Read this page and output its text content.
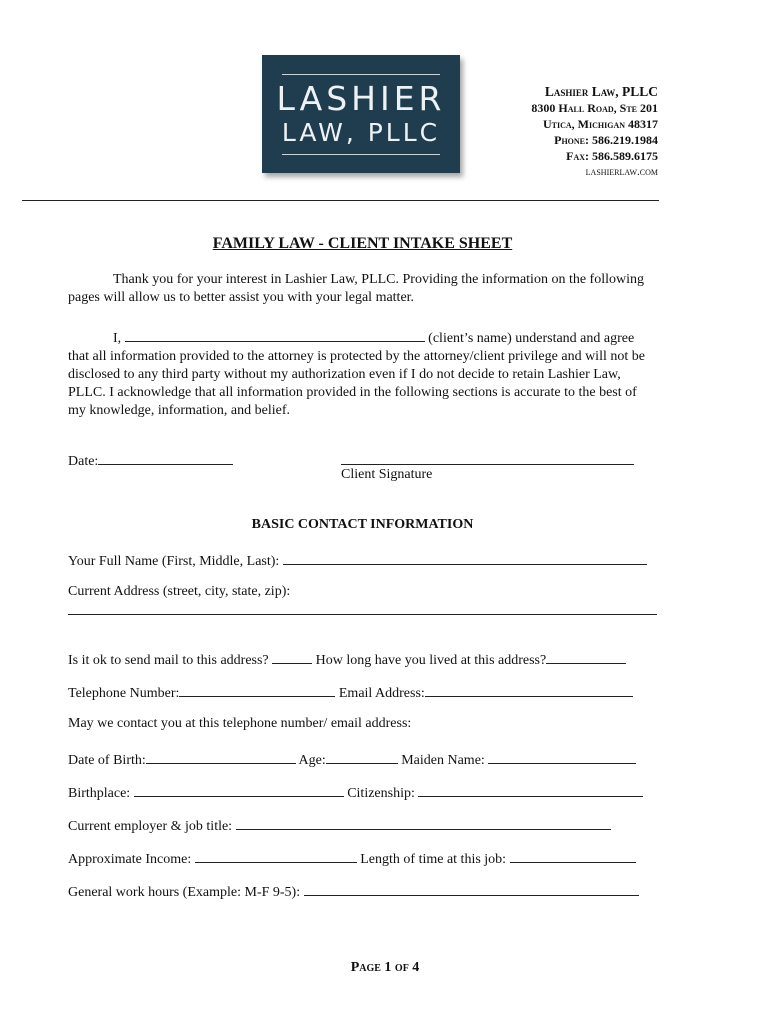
LASHIER
LAW, PLLC
Lashier Law, PLLC
8300 Hall Road, Ste 201
Utica, Michigan 48317
Phone: 586.219.1984
Fax: 586.589.6175
lashierlaw.com
FAMILY LAW - CLIENT INTAKE SHEET
Thank you for your interest in Lashier Law, PLLC. Providing the information on the following pages will allow us to better assist you with your legal matter.
I,	(client’s name) understand and agree
that all information provided to the attorney is protected by the attorney/client privilege and will not be disclosed to any third party without my authorization even if I do not decide to retain Lashier Law, PLLC. I acknowledge that all information provided in the following sections is accurate to the best of my knowledge, information, and belief.
Date:
Client Signature
BASIC CONTACT INFORMATION
Your Full Name (First, Middle, Last):
Current Address (street, city, state, zip):
Is it ok to send mail to this address?	How long have you lived at this address?
Telephone Number:	Email Address:
May we contact you at this telephone number/ email address:
Date of Birth:	Age:	Maiden Name:
Birthplace:	Citizenship:
Current employer & job title:
Approximate Income:	Length of time at this job:
General work hours (Example: M-F 9-5):
Page 1 of 4
